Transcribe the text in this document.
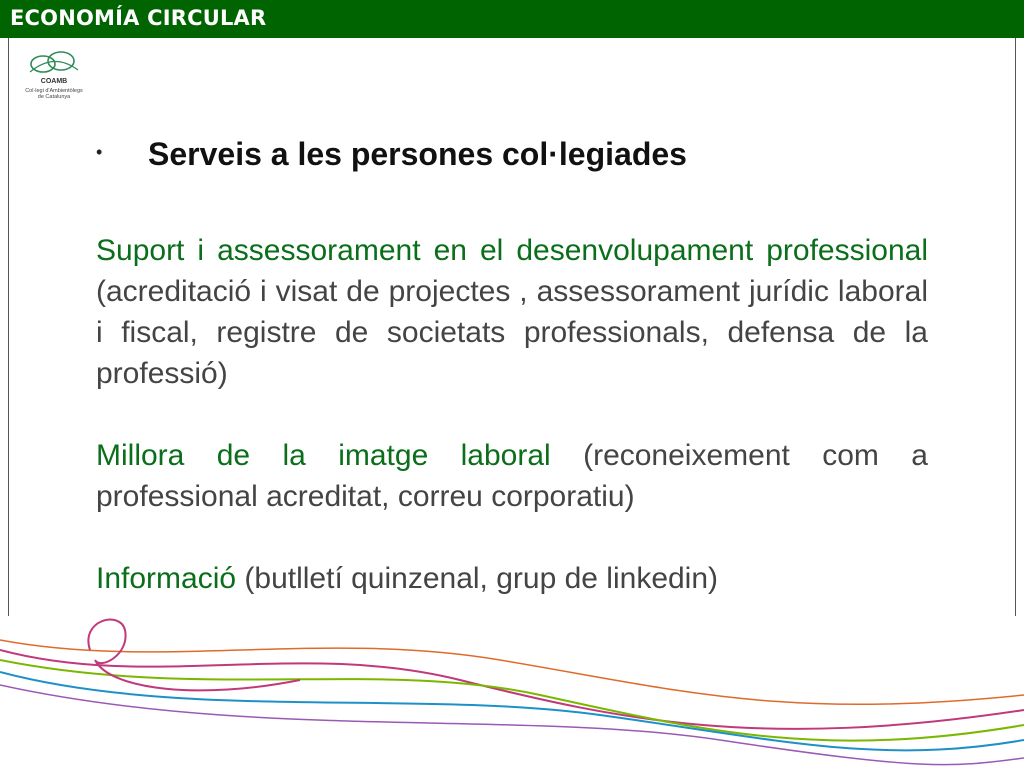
ECONOMÍA CIRCULAR
COAMB
Col·legi d'Ambientòlegs
de Catalunya
• Serveis a les persones col·legiades
Suport i assessorament en el desenvolupament professional (acreditació i visat de projectes , assessorament jurídic laboral i fiscal, registre de societats professionals, defensa de la professió)
Millora de la imatge laboral (reconeixement com a professional acreditat, correu corporatiu)
Informació (butlletí quinzenal, grup de linkedin)
